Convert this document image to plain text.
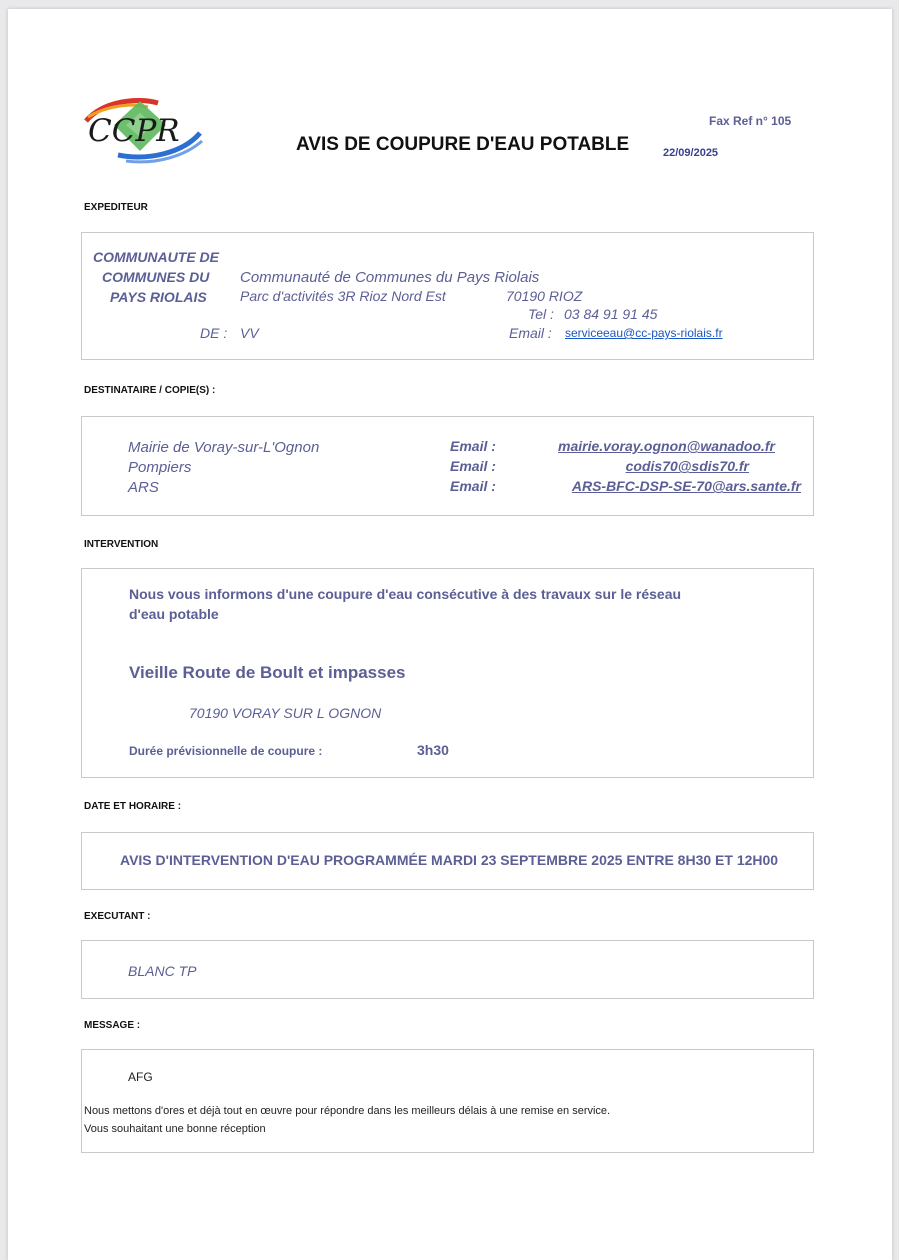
CCPR	AVIS DE COUPURE D'EAU POTABLE
Fax Ref n° 105
22/09/2025
EXPEDITEUR
COMMUNAUTE DE
COMMUNES DU
PAYS RIOLAIS
Communauté de Communes du Pays Riolais
Parc d'activités 3R Rioz Nord Est	70190 RIOZ
Tel : 03 84 91 91 45
DE : VV	Email : serviceeau@cc-pays-riolais.fr
DESTINATAIRE / COPIE(S) :
Mairie de Voray-sur-L'Ognon	Email :	mairie.voray.ognon@wanadoo.fr
Pompiers	Email :	codis70@sdis70.fr
ARS	Email :	ARS-BFC-DSP-SE-70@ars.sante.fr
INTERVENTION
Nous vous informons d'une coupure d'eau consécutive à des travaux sur le réseau
d'eau potable
Vieille Route de Boult et impasses
70190 VORAY SUR L OGNON
Durée prévisionnelle de coupure :	3h30
DATE ET HORAIRE :
AVIS D'INTERVENTION D'EAU PROGRAMMÉE MARDI 23 SEPTEMBRE 2025 ENTRE 8H30 ET 12H00
EXECUTANT :
BLANC TP
MESSAGE :
AFG
Nous mettons d'ores et déjà tout en œuvre pour répondre dans les meilleurs délais à une remise en service.
Vous souhaitant une bonne réception
